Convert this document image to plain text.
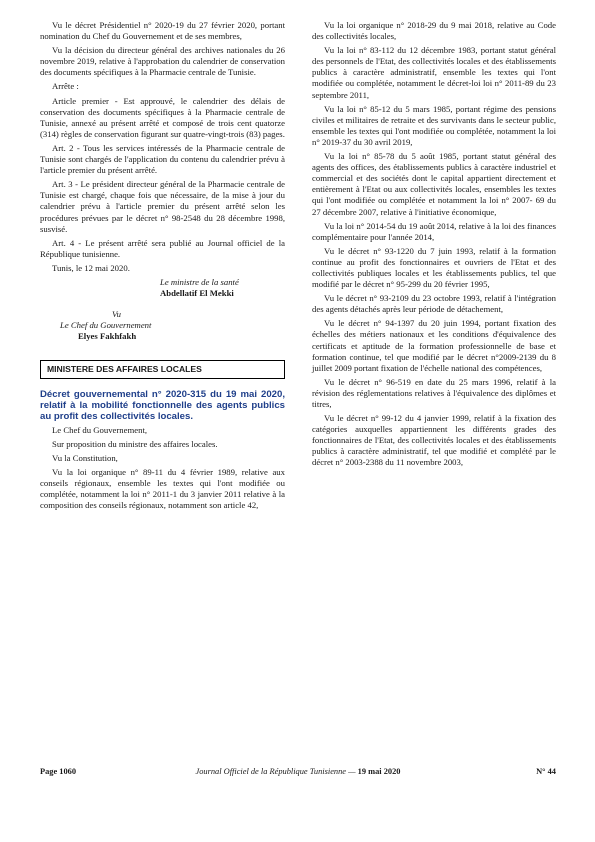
Vu le décret Présidentiel n° 2020-19 du 27 février 2020, portant nomination du Chef du Gouvernement et de ses membres,

Vu la décision du directeur général des archives nationales du 26 novembre 2019, relative à l'approbation du calendrier de conservation des documents spécifiques à la Pharmacie centrale de Tunisie.

Arrête :

Article premier - Est approuvé, le calendrier des délais de conservation des documents spécifiques à la Pharmacie centrale de Tunisie, annexé au présent arrêté et composé de trois cent quatorze (314) règles de conservation figurant sur quatre-vingt-trois (83) pages.

Art. 2 - Tous les services intéressés de la Pharmacie centrale de Tunisie sont chargés de l'application du contenu du calendrier prévu à l'article premier du présent arrêté.

Art. 3 - Le président directeur général de la Pharmacie centrale de Tunisie est chargé, chaque fois que nécessaire, de la mise à jour du calendrier prévu à l'article premier du présent arrêté selon les procédures prévues par le décret n° 98-2548 du 28 décembre 1998, susvisé.

Art. 4 - Le présent arrêté sera publié au Journal officiel de la République tunisienne.

Tunis, le 12 mai 2020.

Le ministre de la santé
Abdellatif El Mekki
Vu
Le Chef du Gouvernement
Elyes Fakhfakh
MINISTERE DES AFFAIRES LOCALES

Décret gouvernemental n° 2020-315 du 19 mai 2020, relatif à la mobilité fonctionnelle des agents publics au profit des collectivités locales.

Le Chef du Gouvernement,

Sur proposition du ministre des affaires locales.

Vu la Constitution,

Vu la loi organique n° 89-11 du 4 février 1989, relative aux conseils régionaux, ensemble les textes qui l'ont modifiée ou complétée, notamment la loi n° 2011-1 du 3 janvier 2011 relative à la composition des conseils régionaux, notamment son article 42,

Vu la loi organique n° 2018-29 du 9 mai 2018, relative au Code des collectivités locales,

Vu la loi n° 83-112 du 12 décembre 1983, portant statut général des personnels de l'Etat, des collectivités locales et des établissements publics à caractère administratif, ensemble les textes qui l'ont modifiée ou complétée, notamment le décret-loi loi n° 2011-89 du 23 septembre 2011,

Vu la loi n° 85-12 du 5 mars 1985, portant régime des pensions civiles et militaires de retraite et des survivants dans le secteur public, ensemble les textes qui l'ont modifiée ou complétée, notamment la loi n° 2019-37 du 30 avril 2019,

Vu la loi n° 85-78 du 5 août 1985, portant statut général des agents des offices, des établissements publics à caractère industriel et commercial et des sociétés dont le capital appartient directement et entièrement à l'Etat ou aux collectivités locales, ensembles les textes qui l'ont modifiée ou complétée et notamment la loi n° 2007- 69 du 27 décembre 2007, relative à l'initiative économique,

Vu la loi n° 2014-54 du 19 août 2014, relative à la loi des finances complémentaire pour l'année 2014,

Vu le décret n° 93-1220 du 7 juin 1993, relatif à la formation continue au profit des fonctionnaires et ouvriers de l'Etat et des collectivités publiques locales et les établissements publics, tel que modifié par le décret n° 95-299 du 20 février 1995,

Vu le décret n° 93-2109 du 23 octobre 1993, relatif à l'intégration des agents détachés après leur période de détachement,

Vu le décret n° 94-1397 du 20 juin 1994, portant fixation des échelles des métiers nationaux et les conditions d'équivalence des certificats et aptitude de la formation professionnelle de base et formation continue, tel que modifié par le décret n°2009-2139 du 8 juillet 2009 portant fixation de l'échelle national des compétences,

Vu le décret n° 96-519 en date du 25 mars 1996, relatif à la révision des réglementations relatives à l'équivalence des diplômes et titres,

Vu le décret n° 99-12 du 4 janvier 1999, relatif à la fixation des catégories auxquelles appartiennent les différents grades des fonctionnaires de l'Etat, des collectivités locales et des établissements publics à caractère administratif, tel que modifié et complété par le décret n° 2003-2388 du 11 novembre 2003,

Page 1060	Journal Officiel de la République Tunisienne — 19 mai 2020	N° 44
